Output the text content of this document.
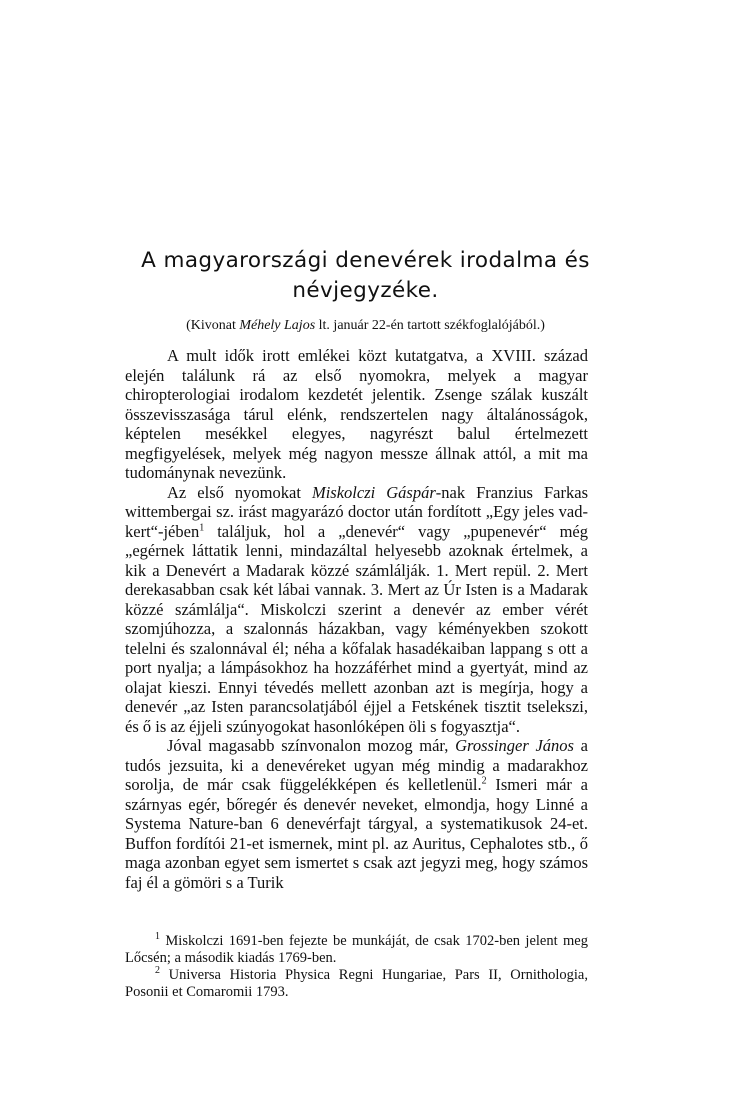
A magyarországi denevérek irodalma és
névjegyzéke.
(Kivonat Méhely Lajos lt. január 22-én tartott székfoglalójából.)

A mult idők irott emlékei közt kutatgatva, a XVIII. század elején találunk rá az első nyomokra, melyek a magyar chiropterologiai irodalom kezdetét jelentik. Zsenge szálak kuszált összevisszasága tárul elénk, rendszertelen nagy általánosságok, képtelen mesékkel elegyes, nagyrészt balul értelmezett megfigyelések, melyek még nagyon messze állnak attól, a mit ma tudománynak nevezünk.

Az első nyomokat Miskolczi Gáspár-nak Franzius Farkas wittembergai sz. irást magyarázó doctor után fordított „Egy jeles vad-kert“-jében$^1$ találjuk, hol a „denevér“ vagy „pupenevér“ még „egérnek láttatik lenni, mindazáltal helyesebb azoknak értelmek, a kik a Denevért a Madarak közzé számlálják. 1. Mert repül. 2. Mert derekasabban csak két lábai vannak. 3. Mert az Úr Isten is a Madarak közzé számlálja“. Miskolczi szerint a denevér az ember vérét szomjúhozza, a szalonnás házakban, vagy kéményekben szokott telelni és szalonnával él; néha a kőfalak hasadékaiban lappang s ott a port nyalja; a lámpásokhoz ha hozzáférhet mind a gyertyát, mind az olajat kieszi. Ennyi tévedés mellett azonban azt is megírja, hogy a denevér „az Isten parancsolatjából éjjel a Fetskének tisztit tselekszi, és ő is az éjjeli szúnyogokat hasonlóképen öli s fogyasztja“.

Jóval magasabb színvonalon mozog már, Grossinger János a tudós jezsuita, ki a denevéreket ugyan még mindig a madarakhoz sorolja, de már csak függelékképen és kelletlenül.$^2$ Ismeri már a szárnyas egér, bőregér és denevér neveket, elmondja, hogy Linné a Systema Nature-ban 6 denevérfajt tárgyal, a systematikusok 24-et. Buffon fordítói 21-et ismernek, mint pl. az Auritus, Cephalotes stb., ő maga azonban egyet sem ismertet s csak azt jegyzi meg, hogy számos faj él a gömöri s a Turik

$^1$ Miskolczi 1691-ben fejezte be munkáját, de csak 1702-ben jelent meg Lőcsén; a második kiadás 1769-ben.

$^2$ Universa Historia Physica Regni Hungariae, Pars II, Ornithologia, Posonii et Comaromii 1793.
